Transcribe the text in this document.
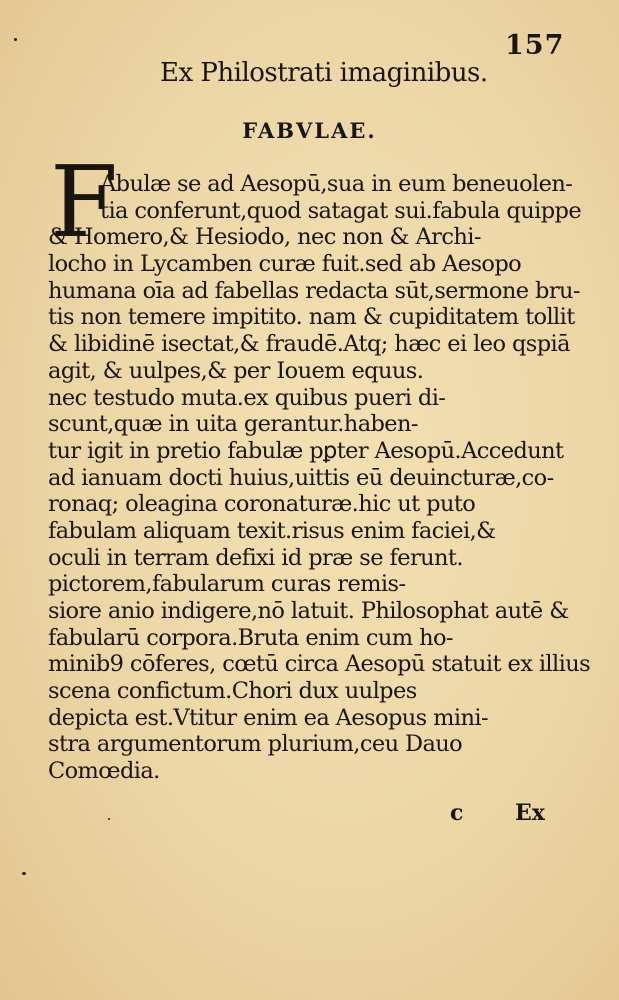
157
Ex Philostrati imaginibus.
FABVLAE.
F
Abulæ se ad Aesopū,sua in eum beneuolen-
tia conferunt,quod satagat sui.fabula quippe
& Homero,& Hesiodo, nec non & Archi-
locho in Lycamben curæ fuit.sed ab Aesopo
humana oīa ad fabellas redacta sūt,sermone bru-
tis non temere impitito. nam & cupiditatem tollit
& libidinē isectat,& fraudē.Atq; hæc ei leo qspiā
agit, & uulpes,& per Iouem equus.
nec testudo muta.ex quibus pueri di-
scunt,quæ in uita gerantur.haben-
tur igit in pretio fabulæ pꝑter Aesopū.Accedunt
ad ianuam docti huius,uittis eū deuincturæ,co-
ronaq; oleagina coronaturæ.hic ut puto
fabulam aliquam texit.risus enim faciei,&
oculi in terram defixi id præ se ferunt.
pictorem,fabularum curas remis-
siore anio indigere,nō latuit. Philosophat autē &
fabularū corpora.Bruta enim cum ho-
minib9 cōferes, cœtū circa Aesopū statuit ex illius
scena confictum.Chori dux uulpes
depicta est.Vtitur enim ea Aesopus mini-
stra argumentorum plurium,ceu Dauo
Comœdia.
c Ex
